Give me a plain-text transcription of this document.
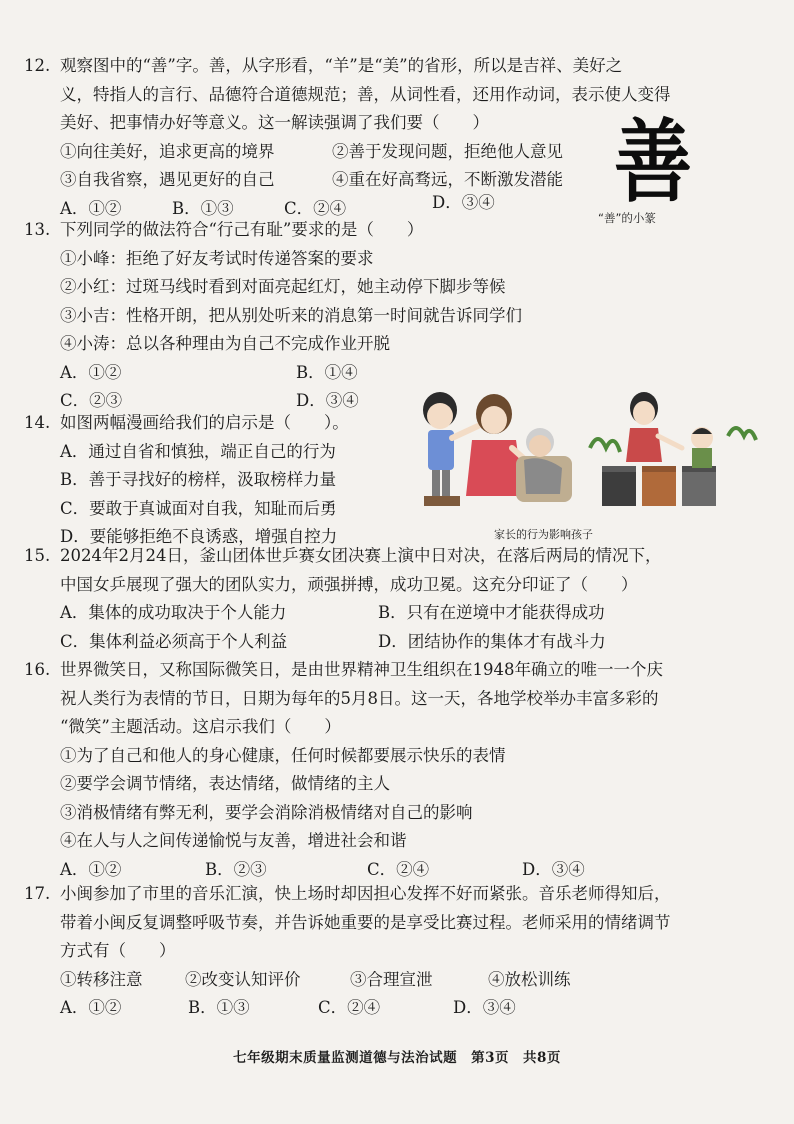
12. 观察图中的“善”字。善，从字形看，“羊”是“美”的省形，所以是吉祥、美好之
义，特指人的言行、品德符合道德规范；善，从词性看，还用作动词，表示使人变得
美好、把事情办好等意义。这一解读强调了我们要（　　）
①向往美好，追求更高的境界	②善于发现问题，拒绝他人意见
③自我省察，遇见更好的自己	④重在好高骛远，不断激发潜能
A．①②	B．①③	C．②④	D．③④ 善
“善”的小篆
13. 下列同学的做法符合“行己有耻”要求的是（　　）
①小峰：拒绝了好友考试时传递答案的要求
②小红：过斑马线时看到对面亮起红灯，她主动停下脚步等候
③小吉：性格开朗，把从别处听来的消息第一时间就告诉同学们
④小涛：总以各种理由为自己不完成作业开脱
A．①②	B．①④
C．②③	D．③④
14. 如图两幅漫画给我们的启示是（　　）。
A．通过自省和慎独，端正自己的行为
B．善于寻找好的榜样，汲取榜样力量
C．要敢于真诚面对自我，知耻而后勇
D．要能够拒绝不良诱惑，增强自控力	家长的行为影响孩子
15. 2024年2月24日，釜山团体世乒赛女团决赛上演中日对决，在落后两局的情况下，
中国女乒展现了强大的团队实力，顽强拼搏，成功卫冕。这充分印证了（　　）
A．集体的成功取决于个人能力	B．只有在逆境中才能获得成功
C．集体利益必须高于个人利益	D．团结协作的集体才有战斗力
16. 世界微笑日，又称国际微笑日，是由世界精神卫生组织在1948年确立的唯一一个庆
祝人类行为表情的节日，日期为每年的5月8日。这一天，各地学校举办丰富多彩的
“微笑”主题活动。这启示我们（　　）
①为了自己和他人的身心健康，任何时候都要展示快乐的表情
②要学会调节情绪，表达情绪，做情绪的主人
③消极情绪有弊无利，要学会消除消极情绪对自己的影响
④在人与人之间传递愉悦与友善，增进社会和谐
A．①②	B．②③	C．②④	D．③④
17. 小闽参加了市里的音乐汇演，快上场时却因担心发挥不好而紧张。音乐老师得知后，
带着小闽反复调整呼吸节奏，并告诉她重要的是享受比赛过程。老师采用的情绪调节
方式有（　　）
①转移注意	②改变认知评价	③合理宣泄	④放松训练
A．①②	B．①③	C．②④	D．③④
七年级期末质量监测道德与法治试题　第3页　共8页
